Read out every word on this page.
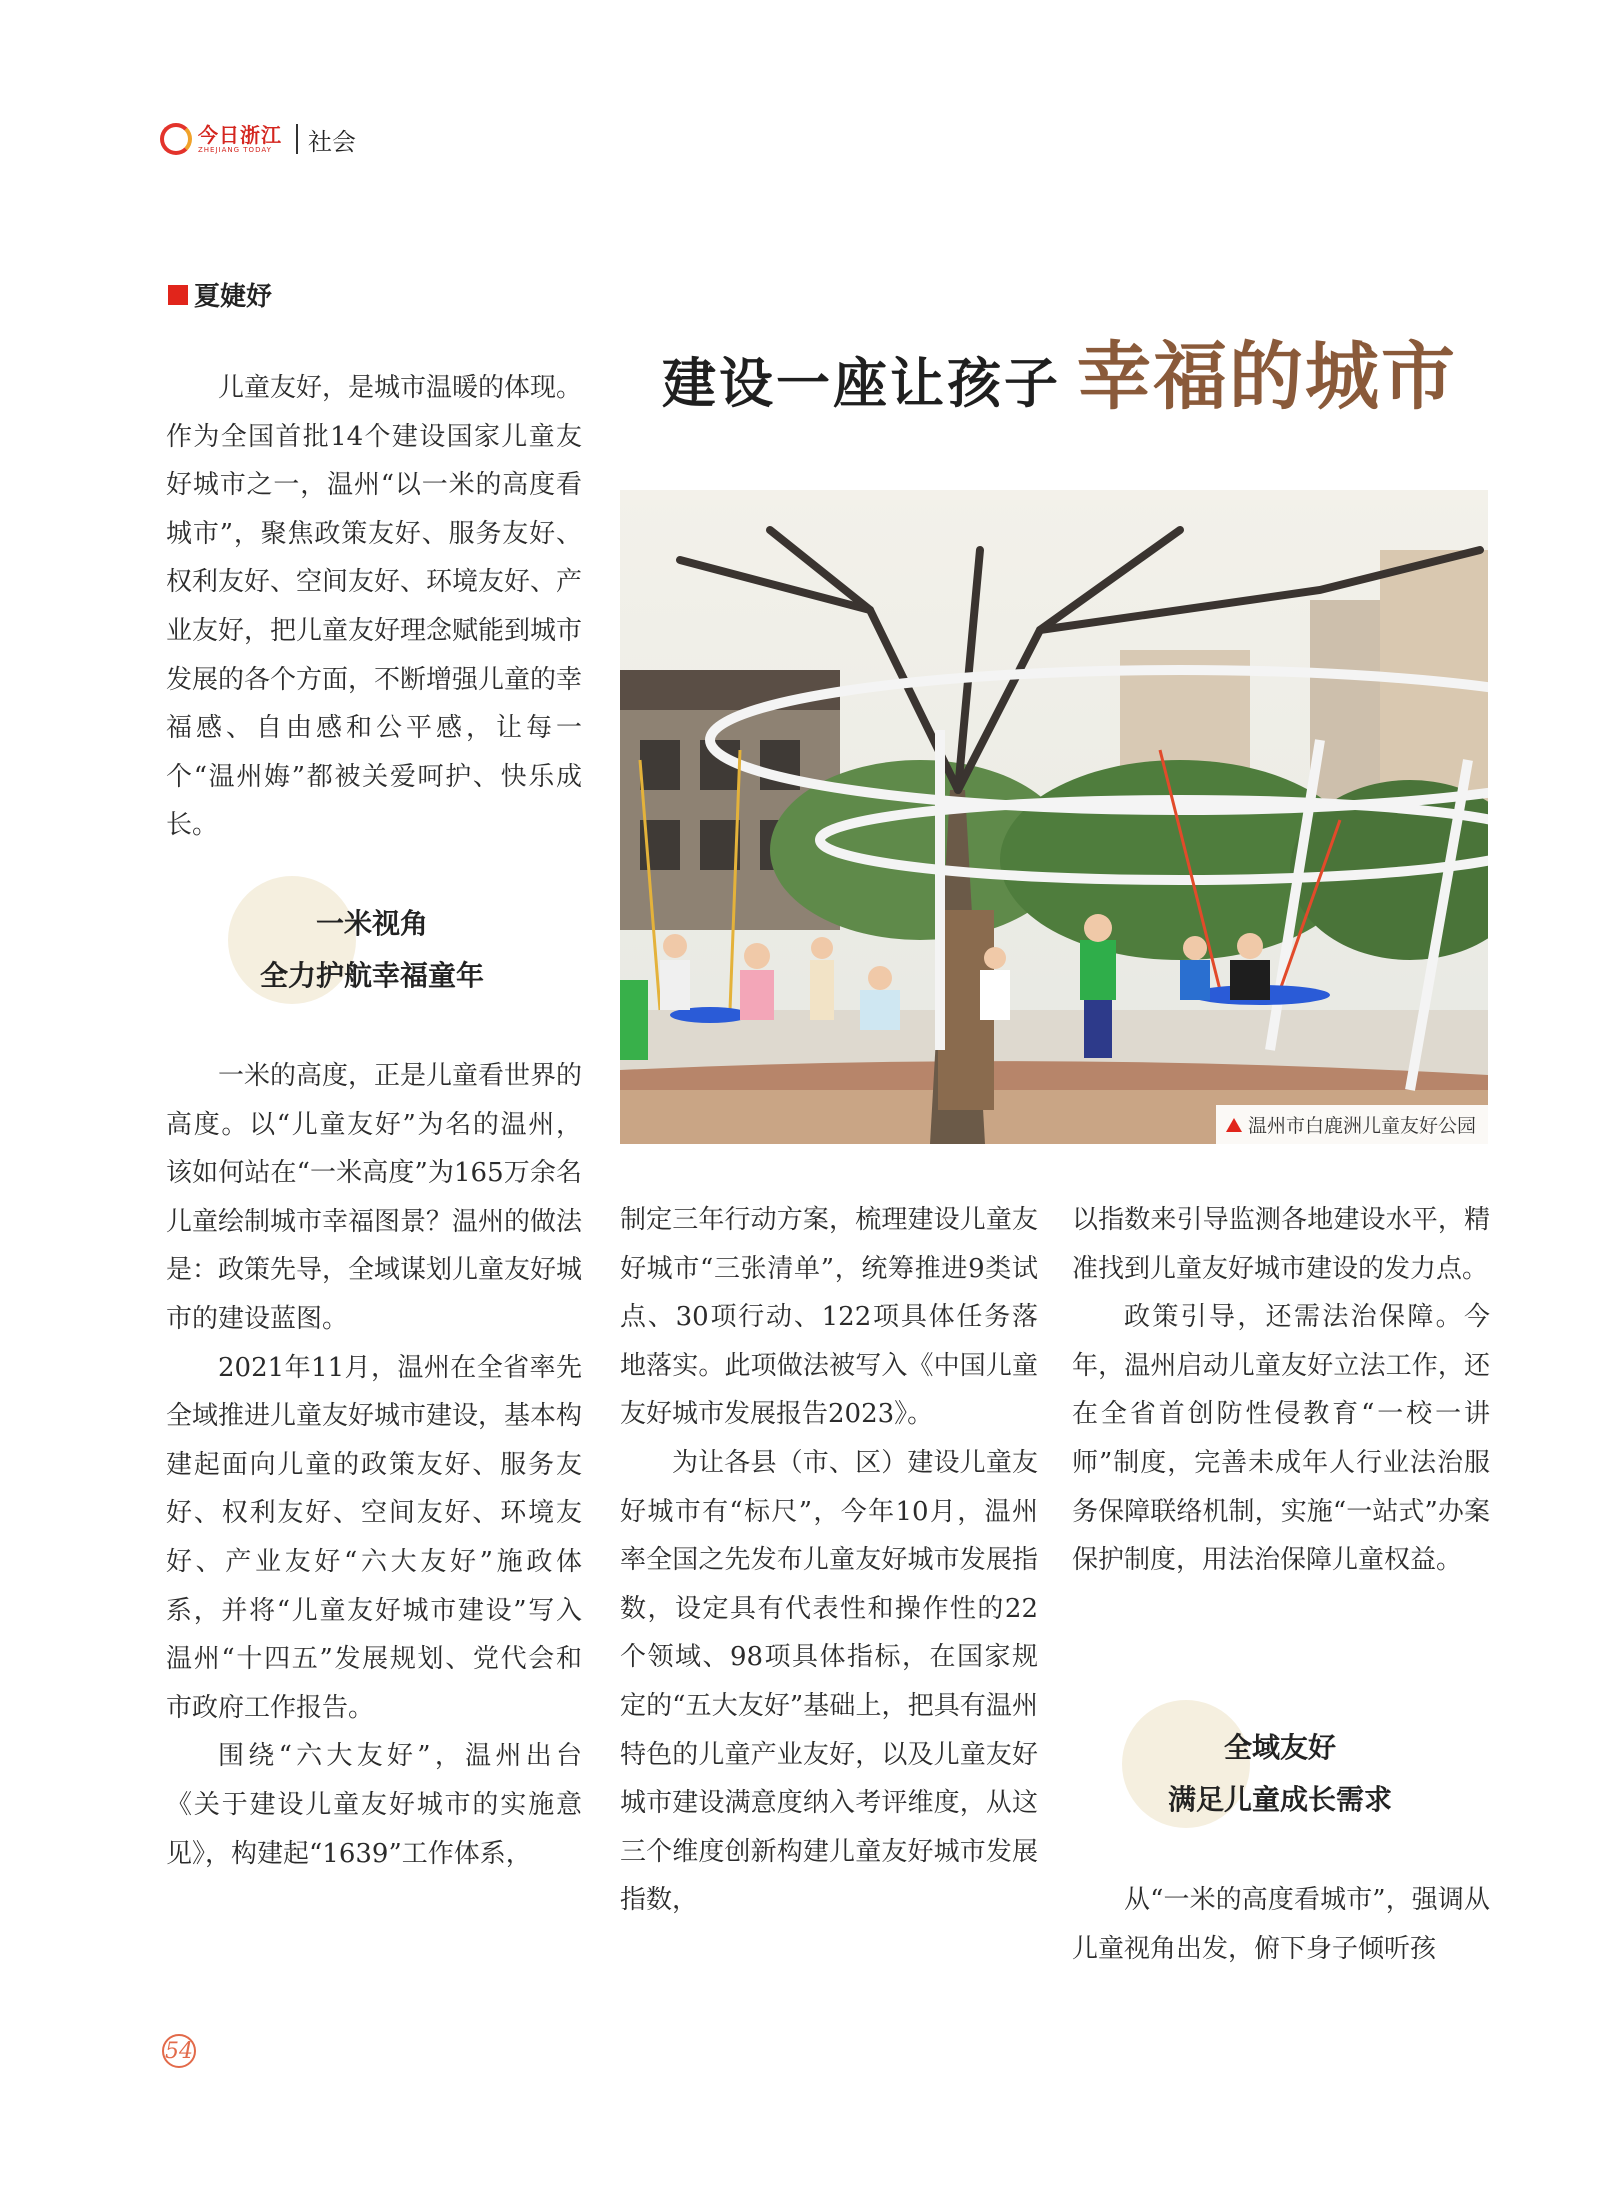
今日浙江
ZHEJIANG TODAY	社会
夏婕妤
建设一座让孩子 幸福的城市

儿童友好，是城市温暖的体现。作为全国首批14个建设国家儿童友好城市之一，温州“以一米的高度看城市”，聚焦政策友好、服务友好、权利友好、空间友好、环境友好、产业友好，把儿童友好理念赋能到城市发展的各个方面，不断增强儿童的幸福感、自由感和公平感，让每一个“温州娒”都被关爱呵护、快乐成长。

一米视角
全力护航幸福童年

一米的高度，正是儿童看世界的高度。以“儿童友好”为名的温州，该如何站在“一米高度”为165万余名儿童绘制城市幸福图景？温州的做法是：政策先导，全域谋划儿童友好城市的建设蓝图。

2021年11月，温州在全省率先全域推进儿童友好城市建设，基本构建起面向儿童的政策友好、服务友好、权利友好、空间友好、环境友好、产业友好“六大友好”施政体系，并将“儿童友好城市建设”写入温州“十四五”发展规划、党代会和市政府工作报告。

围绕“六大友好”，温州出台《关于建设儿童友好城市的实施意见》，构建起“1639”工作体系，

温州市白鹿洲儿童友好公园

制定三年行动方案，梳理建设儿童友好城市“三张清单”，统筹推进9类试点、30项行动、122项具体任务落地落实。此项做法被写入《中国儿童友好城市发展报告2023》。

为让各县（市、区）建设儿童友好城市有“标尺”，今年10月，温州率全国之先发布儿童友好城市发展指数，设定具有代表性和操作性的22个领域、98项具体指标，在国家规定的“五大友好”基础上，把具有温州特色的儿童产业友好，以及儿童友好城市建设满意度纳入考评维度，从这三个维度创新构建儿童友好城市发展指数，

以指数来引导监测各地建设水平，精准找到儿童友好城市建设的发力点。

政策引导，还需法治保障。今年，温州启动儿童友好立法工作，还在全省首创防性侵教育“一校一讲师”制度，完善未成年人行业法治服务保障联络机制，实施“一站式”办案保护制度，用法治保障儿童权益。

全域友好
满足儿童成长需求

从“一米的高度看城市”，强调从儿童视角出发，俯下身子倾听孩

54
